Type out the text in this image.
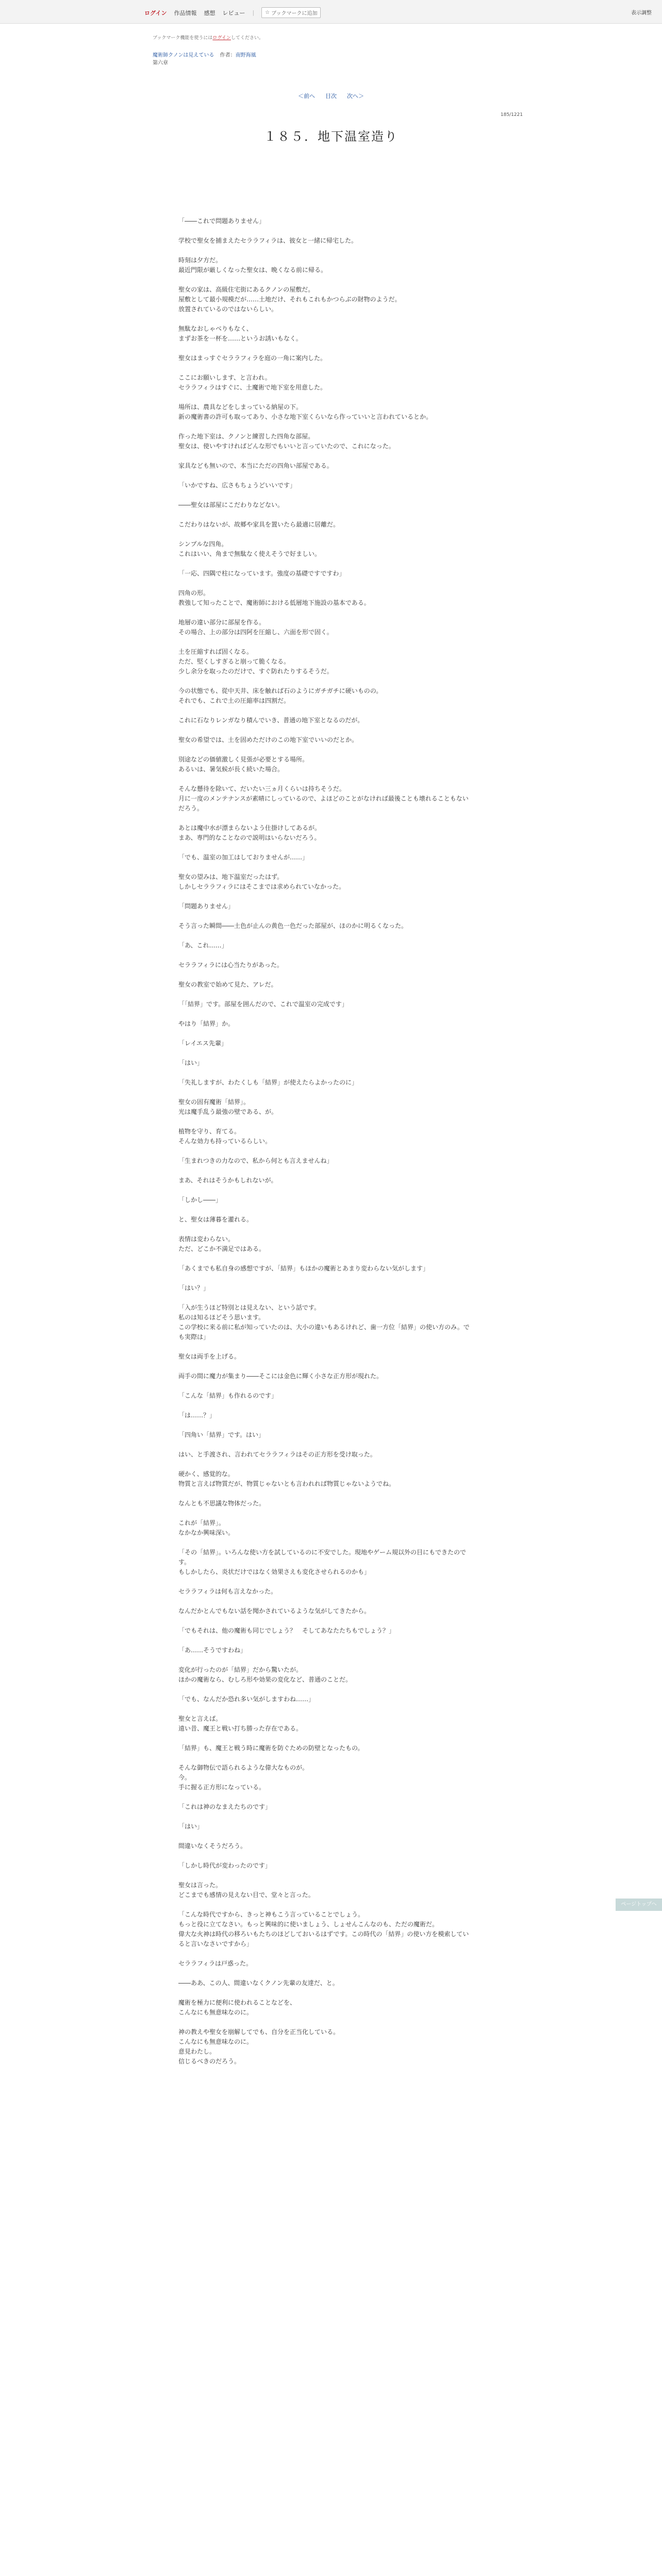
ログイン 作品情報 感想 レビュー | ☆ ブックマークに追加	表示調整
ブックマーク機能を使うにはログインしてください。
魔術師クノンは見えている 作者：南野海風
第六章
＜前へ 目次 次へ＞
185/1221
１８５．地下温室造り

「――これで問題ありません」

学校で聖女を捕まえたセララフィラは、彼女と一緒に帰宅した。

時刻は夕方だ。
最近門限が厳しくなった聖女は、晩くなる前に帰る。

聖女の家は、高級住宅街にあるクノンの屋敷だ。
屋敷として最小規模だが……土地だけ、それもこれもかつらぶの財物のようだ。
放置されているのではないらしい。

無駄なおしゃべりもなく、
まずお茶を一杯を……というお誘いもなく。

聖女はまっすぐセララフィラを庭の一角に案内した。

ここにお願いします、と言われ。
セララフィラはすぐに、土魔術で地下室を用意した。

場所は、農具などをしまっている納屋の下。
新の魔術書の許可も取ってあり、小さな地下室くらいなら作っていいと言われているとか。

作った地下室は、クノンと練習した四角な部屋。
聖女は、使いやすければどんな形でもいいと言っていたので、これになった。

家具なども無いので、本当にただの四角い部屋である。

「いかですね、広さもちょうどいいです」

――聖女は部屋にこだわりなどない。

こだわりはないが、故郷や家具を置いたら最適に居離だ。

シンプルな四角。
これはいい、角まで無駄なく使えそうで好ましい。

「一応、四隅で柱になっています。強度の基礎ですですわ」

四角の形。
教強して知ったことで、魔術師における低層地下施設の基本である。

地層の違い部分に部屋を作る。
その場合、上の部分は四阿を圧縮し、六面を形で固く。

土を圧縮すれば固くなる。
ただ、堅くしすぎると崩って脆くなる。
少し余分を取ったのだけで、すぐ防れたりするそうだ。

今の状態でも、從中天井、床を触れば石のようにガチガチに硬いものの。
それでも、これで土の圧縮率は四割だ。

これに石なりレンガなり積んでいき、普通の地下室となるのだが。

聖女の希望では、土を固めただけのこの地下室でいいのだとか。

別途などの価値激しく見張が必要とする場所。
あるいは、暑気候が長く続いた場合。

そんな懸待を除いて、だいたい三ヵ月くらいは持ちそうだ。
月に一度のメンテナンスが素晴にしっているので、よほどのことがなければ最後ことも壊れることもないだろう。

あとは魔中水が漂まらないよう仕掛けしてあるが。
まあ、専門的なことなので説明はいらないだろう。

「でも、温室の加工はしておりませんが……」

聖女の望みは、地下温室だったはず。
しかしセララフィラにはそこまでは求められていなかった。

「問題ありません」

そう言った瞬間――土色が止んの黄色一色だった部屋が、ほのかに明るくなった。

「あ、これ……」

セララフィラには心当たりがあった。

聖女の教室で始めて見た、アレだ。

「「結界」です。部屋を囲んだので、これで温室の完成です」

やはり「結界」か。

「レイエス先輩」

「はい」

「失礼しますが、わたくしも「結界」が使えたらよかったのに」

聖女の固有魔術「結界」。
光は魔手乱う最強の壁である、が。

植物を守り、育てる。
そんな効力も持っているらしい。

「生まれつきの力なので、私から何とも言えませんね」

まあ、それはそうかもしれないが。

「しかし――」

と、聖女は薄暮を灌れる。

表情は変わらない。
ただ、どこか不満足ではある。

「あくまでも私自身の感想ですが、「結界」もほかの魔術とあまり変わらない気がします」

「はい？」

「入が生うほど特別とは見えない、という話です。
私のは知るほどそう思います。
この学校に来る前に私が知っていたのは、大小の違いもあるけれど、歯一方位「結界」の使い方のみ。でも実際は」

聖女は両手を上げる。

両手の間に魔力が集まり――そこには金色に輝く小さな正方形が現れた。

「こんな「結界」も作れるのです」

「は……？」

「四角い「結界」です。はい」

はい、と手渡され、言われてセララフィラはその正方形を受け取った。

硬かく、感覚的な。
物質と言えば物質だが、物質じゃないとも言われれば物質じゃないようでね。

なんとも不思議な物体だった。

これが「結界」。
なかなか興味深い。

「その「結界」。いろんな使い方を試しているのに不安でした。現地やゲーム規以外の目にもできたのです。
もしかしたら、炎状だけではなく効果さえも変化させられるのかも」

セララフィラは何も言えなかった。

なんだかとんでもない話を聞かされているような気がしてきたから。

「でもそれは、他の魔術も同じでしょう？　そしてあなたたちもでしょう？」

「あ……そうですわね」

変化が行ったのが「結界」だから驚いたが。
ほかの魔術なら、むしろ形や効果の変化など、普通のことだ。

「でも、なんだか恐れ多い気がしますわね……」

聖女と言えば。
遠い昔、魔王と戦い打ち勝った存在である。

「結界」も、魔王と戦う時に魔術を防ぐための防壁となったもの。

そんな御物伝で語られるような偉大なものが。
今。
手に握る正方形になっている。

「これは神のなまえたちのです」

「はい」

間違いなくそうだろう。

「しかし時代が変わったのです」

聖女は言った。
どこまでも感情の見えない目で、堂々と言った。

「こんな時代ですから、きっと神もこう言っていることでしょう。
もっと役に立てなさい。もっと興味的に使いましょう、しょせんこんなのも、ただの魔術だ。
偉大な火神は時代の移ろいもたちのほどしておいるはずです。この時代の「結界」の使い方を模索していると言いなさいですから」

セララフィラは戸惑った。

――ああ、この人、間違いなくクノン先輩の友達だ、と。

魔術を極力に便利に使われることなどを、
こんなにも無意味なのに。

神の教えや聖女を崩解してでも、自分を正当化している。
こんなにも無意味なのに。
意見わたし。
信じるべきのだろう。

ページトップへ
